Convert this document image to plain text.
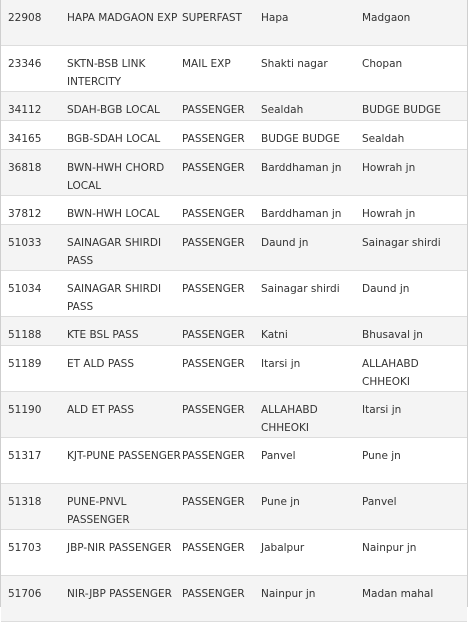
22908	HAPA MADGAON EXP	SUPERFAST	Hapa	Madgaon
23346	SKTN-BSB LINK INTERCITY	MAIL EXP	Shakti nagar	Chopan
34112	SDAH-BGB LOCAL	PASSENGER	Sealdah	BUDGE BUDGE
34165	BGB-SDAH LOCAL	PASSENGER	BUDGE BUDGE	Sealdah
36818	BWN-HWH CHORD LOCAL	PASSENGER	Barddhaman jn	Howrah jn
37812	BWN-HWH LOCAL	PASSENGER	Barddhaman jn	Howrah jn
51033	SAINAGAR SHIRDI PASS	PASSENGER	Daund jn	Sainagar shirdi
51034	SAINAGAR SHIRDI PASS	PASSENGER	Sainagar shirdi	Daund jn
51188	KTE BSL PASS	PASSENGER	Katni	Bhusaval jn
51189	ET ALD PASS	PASSENGER	Itarsi jn	ALLAHABD CHHEOKI
51190	ALD ET PASS	PASSENGER	ALLAHABD CHHEOKI	Itarsi jn
51317	KJT-PUNE PASSENGER	PASSENGER	Panvel	Pune jn
51318	PUNE-PNVL PASSENGER	PASSENGER	Pune jn	Panvel
51703	JBP-NIR PASSENGER	PASSENGER	Jabalpur	Nainpur jn
51706	NIR-JBP PASSENGER	PASSENGER	Nainpur jn	Madan mahal
